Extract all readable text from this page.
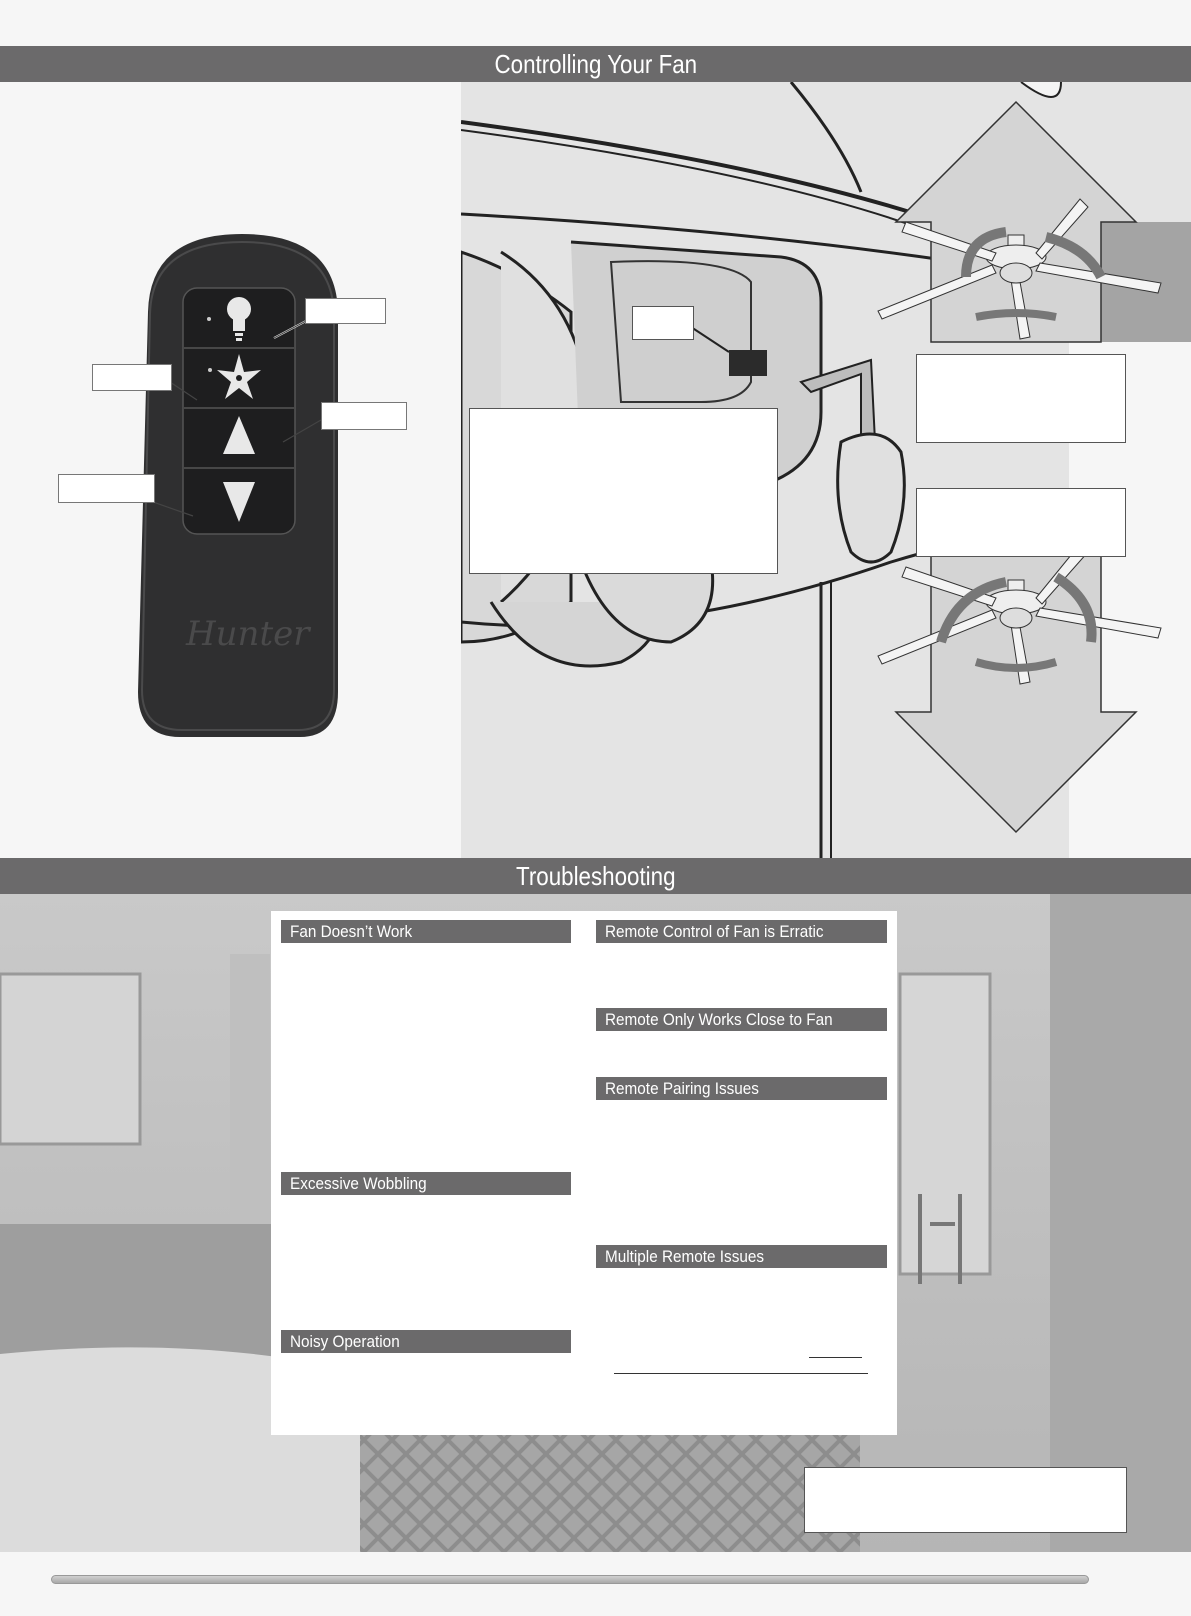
Controlling Your Fan
Hunter
Troubleshooting
Fan Doesn’t Work
Excessive Wobbling
Noisy Operation
Remote Control of Fan is Erratic
Remote Only Works Close to Fan
Remote Pairing Issues
Multiple Remote Issues
